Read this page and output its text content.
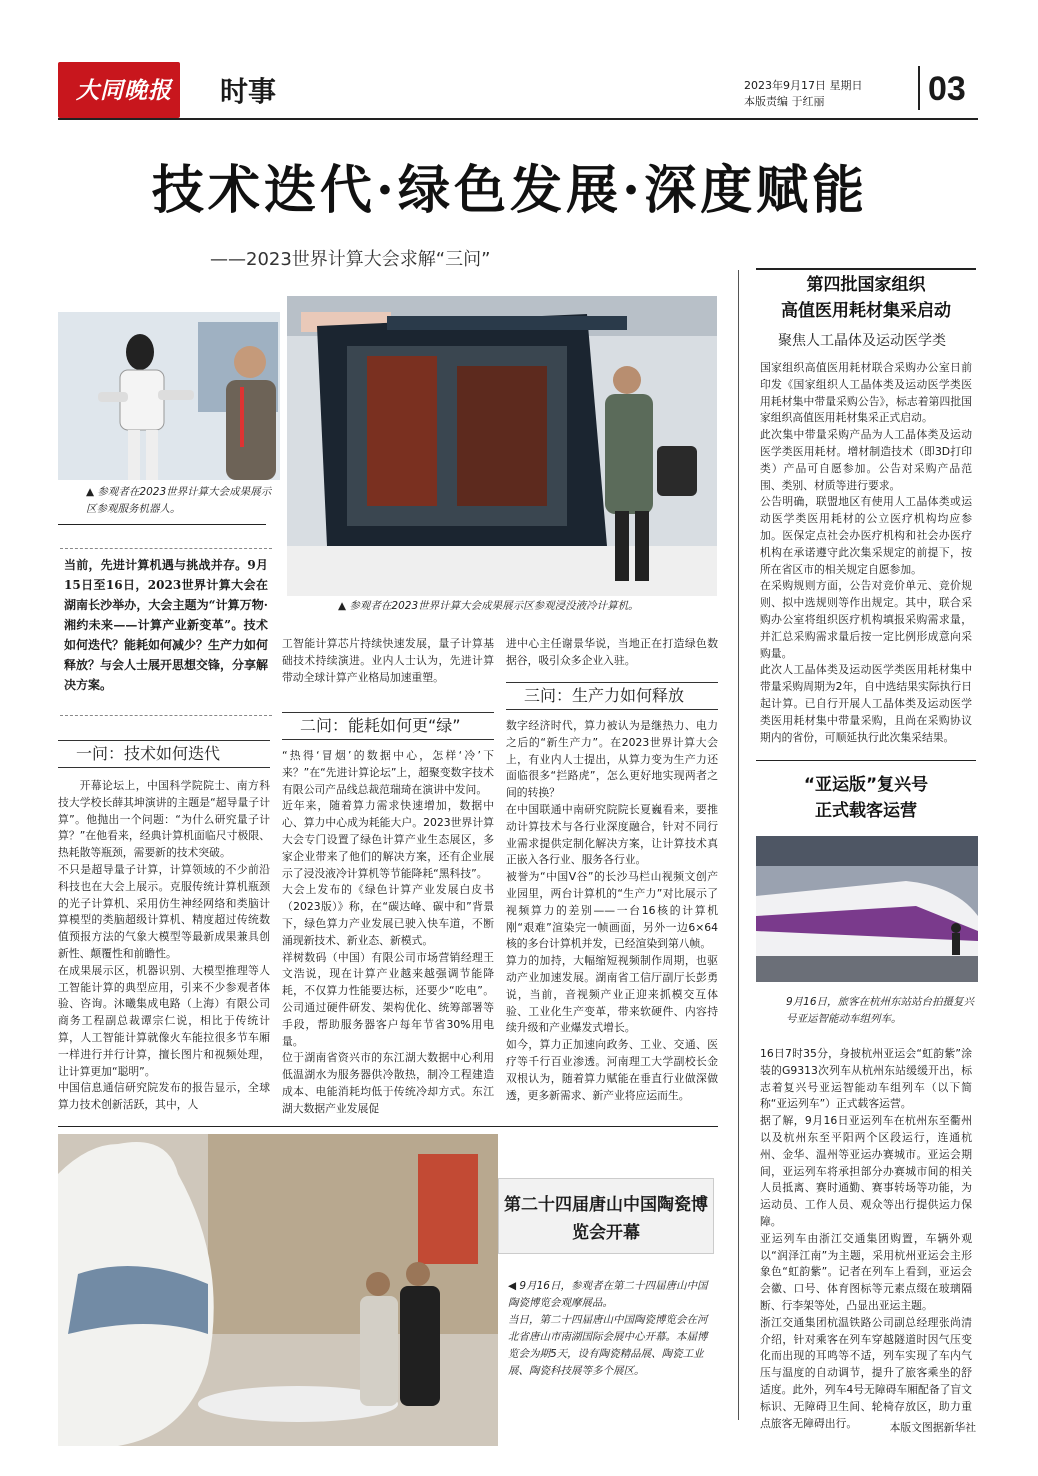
大同晚报 时事	2023年9月17日 星期日
本版责编 于红丽	03
技术迭代·绿色发展·深度赋能
——2023世界计算大会求解“三问”
▲ 参观者在2023世界计算大会成果展示区参观服务机器人。
▲ 参观者在2023世界计算大会成果展示区参观浸没液冷计算机。
当前，先进计算机遇与挑战并存。9月15日至16日，2023世界计算大会在湖南长沙举办，大会主题为“计算万物·湘约未来——计算产业新变革”。技术如何迭代？能耗如何减少？生产力如何释放？与会人士展开思想交锋，分享解决方案。
一问：技术如何迭代
开幕论坛上，中国科学院院士、南方科技大学校长薛其坤演讲的主题是“超导量子计算”。他抛出一个问题：“为什么研究量子计算？”在他看来，经典计算机面临尺寸极限、热耗散等瓶颈，需要新的技术突破。
不只是超导量子计算，计算领域的不少前沿科技也在大会上展示。克服传统计算机瓶颈的光子计算机、采用仿生神经网络和类脑计算模型的类脑超级计算机、精度超过传统数值预报方法的气象大模型等最新成果兼具创新性、颠覆性和前瞻性。
在成果展示区，机器识别、大模型推理等人工智能计算的典型应用，引来不少参观者体验、咨询。沐曦集成电路（上海）有限公司商务工程副总裁谭宗仁说，相比于传统计算，人工智能计算就像火车能拉很多节车厢一样进行并行计算，擅长图片和视频处理，让计算更加“聪明”。
中国信息通信研究院发布的报告显示，全球算力技术创新活跃，其中，人
工智能计算芯片持续快速发展，量子计算基础技术持续演进。业内人士认为，先进计算带动全球计算产业格局加速重塑。
二问：能耗如何更“绿”
“热得‘冒烟’的数据中心，怎样‘冷’下来？”在“先进计算论坛”上，超聚变数字技术有限公司产品线总裁范瑞琦在演讲中发问。
近年来，随着算力需求快速增加，数据中心、算力中心成为耗能大户。2023世界计算大会专门设置了绿色计算产业生态展区，多家企业带来了他们的解决方案，还有企业展示了浸没液冷计算机等节能降耗“黑科技”。
大会上发布的《绿色计算产业发展白皮书（2023版）》称，在“碳达峰、碳中和”背景下，绿色算力产业发展已驶入快车道，不断涌现新技术、新业态、新模式。
祥树数码（中国）有限公司市场营销经理王文浩说，现在计算产业越来越强调节能降耗，不仅算力性能要达标，还要少“吃电”。公司通过硬件研发、架构优化、统筹部署等手段，帮助服务器客户每年节省30%用电量。
位于湖南省资兴市的东江湖大数据中心利用低温湖水为服务器供冷散热，制冷工程建造成本、电能消耗均低于传统冷却方式。东江湖大数据产业发展促
进中心主任谢景华说，当地正在打造绿色数据谷，吸引众多企业入驻。
三问：生产力如何释放
数字经济时代，算力被认为是继热力、电力之后的“新生产力”。在2023世界计算大会上，有业内人士提出，从算力变为生产力还面临很多“拦路虎”，怎么更好地实现两者之间的转换？
在中国联通中南研究院院长夏巍看来，要推动计算技术与各行业深度融合，针对不同行业需求提供定制化解决方案，让计算技术真正嵌入各行业、服务各行业。
被誉为“中国V谷”的长沙马栏山视频文创产业园里，两台计算机的“生产力”对比展示了视频算力的差别——一台16核的计算机刚“艰难”渲染完一帧画面，另外一边6×64核的多台计算机并发，已经渲染到第八帧。
算力的加持，大幅缩短视频制作周期，也驱动产业加速发展。湖南省工信厅副厅长彭勇说，当前，音视频产业正迎来抓模交互体验、工业化生产变革，带来软硬件、内容持续升级和产业爆发式增长。
如今，算力正加速向政务、工业、交通、医疗等千行百业渗透。河南理工大学副校长金双根认为，随着算力赋能在垂直行业做深做透，更多新需求、新产业将应运而生。
第二十四届唐山中国陶瓷博览会开幕
◀ 9月16日，参观者在第二十四届唐山中国陶瓷博览会观摩展品。
当日，第二十四届唐山中国陶瓷博览会在河北省唐山市南湖国际会展中心开幕。本届博览会为期5天，设有陶瓷精品展、陶瓷工业展、陶瓷科技展等多个展区。
第四批国家组织
高值医用耗材集采启动
聚焦人工晶体及运动医学类
国家组织高值医用耗材联合采购办公室日前印发《国家组织人工晶体类及运动医学类医用耗材集中带量采购公告》，标志着第四批国家组织高值医用耗材集采正式启动。
此次集中带量采购产品为人工晶体类及运动医学类医用耗材。增材制造技术（即3D打印类）产品可自愿参加。公告对采购产品范围、类别、材质等进行要求。
公告明确，联盟地区有使用人工晶体类或运动医学类医用耗材的公立医疗机构均应参加。医保定点社会办医疗机构和社会办医疗机构在承诺遵守此次集采规定的前提下，按所在省区市的相关规定自愿参加。
在采购规则方面，公告对竞价单元、竞价规则、拟中选规则等作出规定。其中，联合采购办公室将组织医疗机构填报采购需求量，并汇总采购需求量后按一定比例形成意向采购量。
此次人工晶体类及运动医学类医用耗材集中带量采购周期为2年，自中选结果实际执行日起计算。已自行开展人工晶体类及运动医学类医用耗材集中带量采购，且尚在采购协议期内的省份，可顺延执行此次集采结果。
“亚运版”复兴号
正式载客运营
9月16日，旅客在杭州东站站台拍摄复兴号亚运智能动车组列车。
16日7时35分，身披杭州亚运会“虹韵紫”涂装的G9313次列车从杭州东站缓缓开出，标志着复兴号亚运智能动车组列车（以下简称“亚运列车”）正式载客运营。
据了解，9月16日亚运列车在杭州东至衢州以及杭州东至平阳两个区段运行，连通杭州、金华、温州等亚运办赛城市。亚运会期间，亚运列车将承担部分办赛城市间的相关人员抵离、赛时通勤、赛事转场等功能，为运动员、工作人员、观众等出行提供运力保障。
亚运列车由浙江交通集团购置，车辆外观以“润泽江南”为主题，采用杭州亚运会主形象色“虹韵紫”。记者在列车上看到，亚运会会徽、口号、体育图标等元素点缀在玻璃隔断、行李架等处，凸显出亚运主题。
浙江交通集团杭温铁路公司副总经理张尚清介绍，针对乘客在列车穿越隧道时因气压变化而出现的耳鸣等不适，列车实现了车内气压与温度的自动调节，提升了旅客乘坐的舒适度。此外，列车4号无障碍车厢配备了盲文标识、无障碍卫生间、轮椅存放区，助力重点旅客无障碍出行。	本版文图据新华社
